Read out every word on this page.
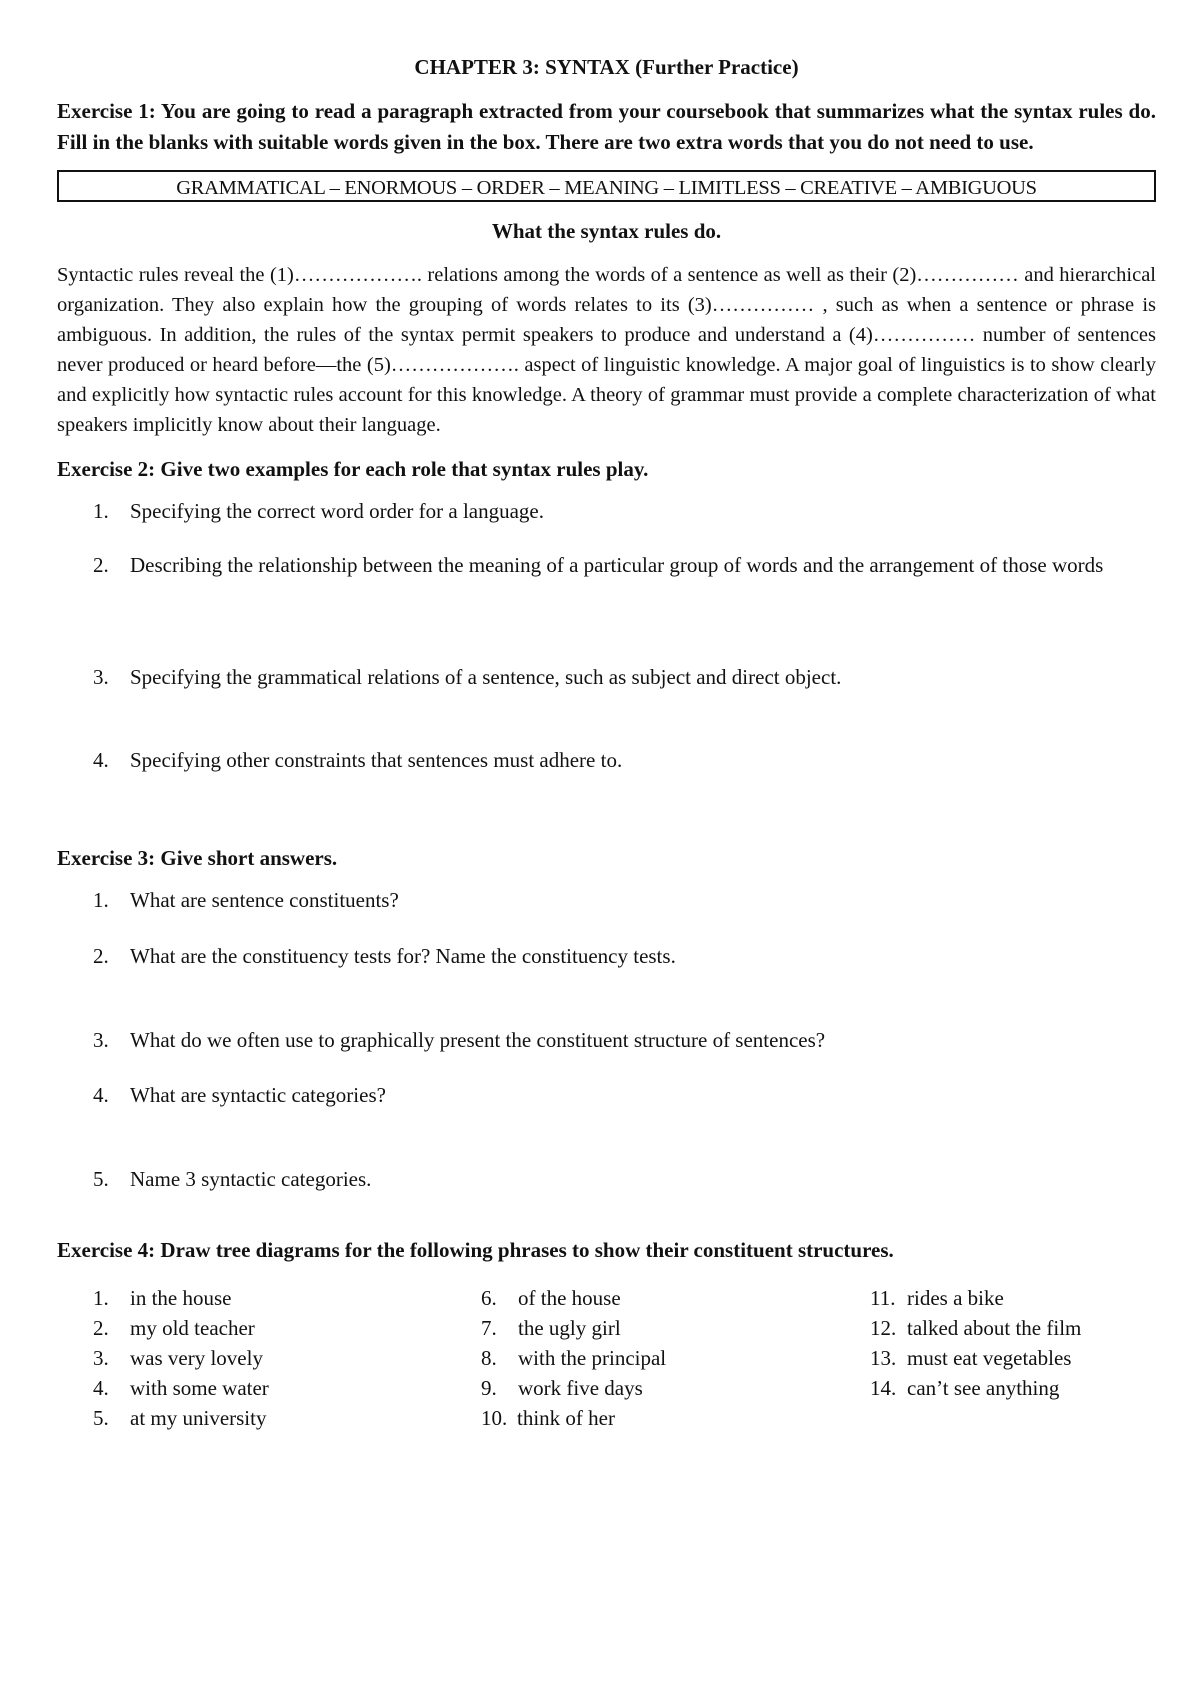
CHAPTER 3: SYNTAX (Further Practice)

Exercise 1: You are going to read a paragraph extracted from your coursebook that summarizes what the syntax rules do. Fill in the blanks with suitable words given in the box. There are two extra words that you do not need to use.

GRAMMATICAL – ENORMOUS – ORDER – MEANING – LIMITLESS – CREATIVE – AMBIGUOUS

What the syntax rules do.

Syntactic rules reveal the (1)………………. relations among the words of a sentence as well as their (2)…………… and hierarchical organization. They also explain how the grouping of words relates to its (3)…………… , such as when a sentence or phrase is ambiguous. In addition, the rules of the syntax permit speakers to produce and understand a (4)…………… number of sentences never produced or heard before—the (5)………………. aspect of linguistic knowledge. A major goal of linguistics is to show clearly and explicitly how syntactic rules account for this knowledge. A theory of grammar must provide a complete characterization of what speakers implicitly know about their language.

Exercise 2: Give two examples for each role that syntax rules play.

1. Specifying the correct word order for a language.
2. Describing the relationship between the meaning of a particular group of words and the arrangement of those words
3. Specifying the grammatical relations of a sentence, such as subject and direct object.
4. Specifying other constraints that sentences must adhere to.

Exercise 3: Give short answers.

1. What are sentence constituents?
2. What are the constituency tests for? Name the constituency tests.
3. What do we often use to graphically present the constituent structure of sentences?
4. What are syntactic categories?
5. Name 3 syntactic categories.

Exercise 4: Draw tree diagrams for the following phrases to show their constituent structures.

1. in the house
2. my old teacher
3. was very lovely
4. with some water
5. at my university
6. of the house
7. the ugly girl
8. with the principal
9. work five days
10. think of her
11. rides a bike
12. talked about the film
13. must eat vegetables
14. can’t see anything
